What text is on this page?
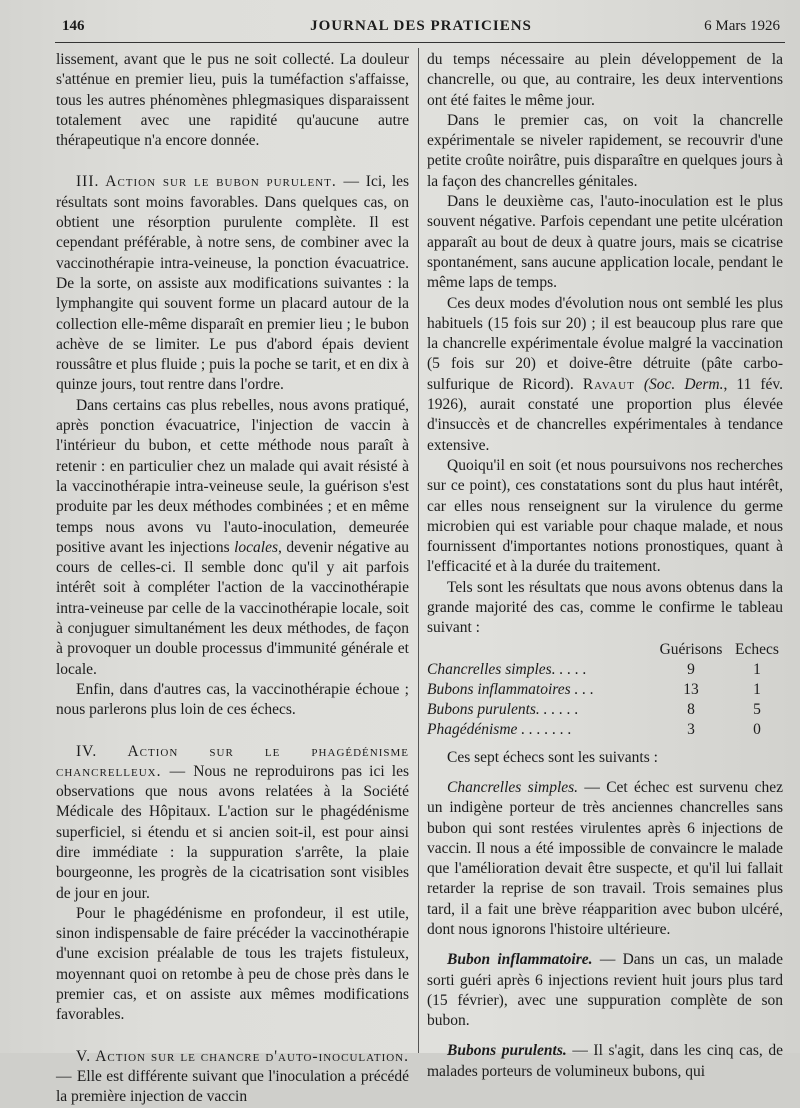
146	JOURNAL DES PRATICIENS	6 Mars 1926

lissement, avant que le pus ne soit collecté. La douleur s'atténue en premier lieu, puis la tuméfaction s'affaisse, tous les autres phénomènes phlegmasiques disparaissent totalement avec une rapidité qu'aucune autre thérapeutique n'a encore donnée.

III. Action sur le bubon purulent. — Ici, les résultats sont moins favorables. Dans quelques cas, on obtient une résorption purulente complète. Il est cependant préférable, à notre sens, de combiner avec la vaccinothérapie intra-veineuse, la ponction évacuatrice. De la sorte, on assiste aux modifications suivantes : la lymphangite qui souvent forme un placard autour de la collection elle-même disparaît en premier lieu ; le bubon achève de se limiter. Le pus d'abord épais devient roussâtre et plus fluide ; puis la poche se tarit, et en dix à quinze jours, tout rentre dans l'ordre.

Dans certains cas plus rebelles, nous avons pratiqué, après ponction évacuatrice, l'injection de vaccin à l'intérieur du bubon, et cette méthode nous paraît à retenir : en particulier chez un malade qui avait résisté à la vaccinothérapie intra-veineuse seule, la guérison s'est produite par les deux méthodes combinées ; et en même temps nous avons vu l'auto-inoculation, demeurée positive avant les injections locales, devenir négative au cours de celles-ci. Il semble donc qu'il y ait parfois intérêt soit à compléter l'action de la vaccinothérapie intra-veineuse par celle de la vaccinothérapie locale, soit à conjuguer simultanément les deux méthodes, de façon à provoquer un double processus d'immunité générale et locale.

Enfin, dans d'autres cas, la vaccinothérapie échoue ; nous parlerons plus loin de ces échecs.

IV. Action sur le phagédénisme chancrelleux. — Nous ne reproduirons pas ici les observations que nous avons relatées à la Société Médicale des Hôpitaux. L'action sur le phagédénisme superficiel, si étendu et si ancien soit-il, est pour ainsi dire immédiate : la suppuration s'arrête, la plaie bourgeonne, les progrès de la cicatrisation sont visibles de jour en jour.

Pour le phagédénisme en profondeur, il est utile, sinon indispensable de faire précéder la vaccinothérapie d'une excision préalable de tous les trajets fistuleux, moyennant quoi on retombe à peu de chose près dans le premier cas, et on assiste aux mêmes modifications favorables.

V. Action sur le chancre d'auto-inoculation. — Elle est différente suivant que l'inoculation a précédé la première injection de vaccin

du temps nécessaire au plein développement de la chancrelle, ou que, au contraire, les deux interventions ont été faites le même jour.

Dans le premier cas, on voit la chancrelle expérimentale se niveler rapidement, se recouvrir d'une petite croûte noirâtre, puis disparaître en quelques jours à la façon des chancrelles génitales.

Dans le deuxième cas, l'auto-inoculation est le plus souvent négative. Parfois cependant une petite ulcération apparaît au bout de deux à quatre jours, mais se cicatrise spontanément, sans aucune application locale, pendant le même laps de temps.

Ces deux modes d'évolution nous ont semblé les plus habituels (15 fois sur 20) ; il est beaucoup plus rare que la chancrelle expérimentale évolue malgré la vaccination (5 fois sur 20) et doive-être détruite (pâte carbo-sulfurique de Ricord). Ravaut (Soc. Derm., 11 fév. 1926), aurait constaté une proportion plus élevée d'insuccès et de chancrelles expérimentales à tendance extensive.

Quoiqu'il en soit (et nous poursuivons nos recherches sur ce point), ces constatations sont du plus haut intérêt, car elles nous renseignent sur la virulence du germe microbien qui est variable pour chaque malade, et nous fournissent d'importantes notions pronostiques, quant à l'efficacité et à la durée du traitement.

Tels sont les résultats que nous avons obtenus dans la grande majorité des cas, comme le confirme le tableau suivant :

	Guérisons	Echecs
Chancrelles simples. . . . .	9	1
Bubons inflammatoires . . .	13	1
Bubons purulents. . . . . .	8	5
Phagédénisme . . . . . . .	3	0

Ces sept échecs sont les suivants :

Chancrelles simples. — Cet échec est survenu chez un indigène porteur de très anciennes chancrelles sans bubon qui sont restées virulentes après 6 injections de vaccin. Il nous a été impossible de convaincre le malade que l'amélioration devait être suspecte, et qu'il lui fallait retarder la reprise de son travail. Trois semaines plus tard, il a fait une brève réapparition avec bubon ulcéré, dont nous ignorons l'histoire ultérieure.

Bubon inflammatoire. — Dans un cas, un malade sorti guéri après 6 injections revient huit jours plus tard (15 février), avec une suppuration complète de son bubon.

Bubons purulents. — Il s'agit, dans les cinq cas, de malades porteurs de volumineux bubons, qui
